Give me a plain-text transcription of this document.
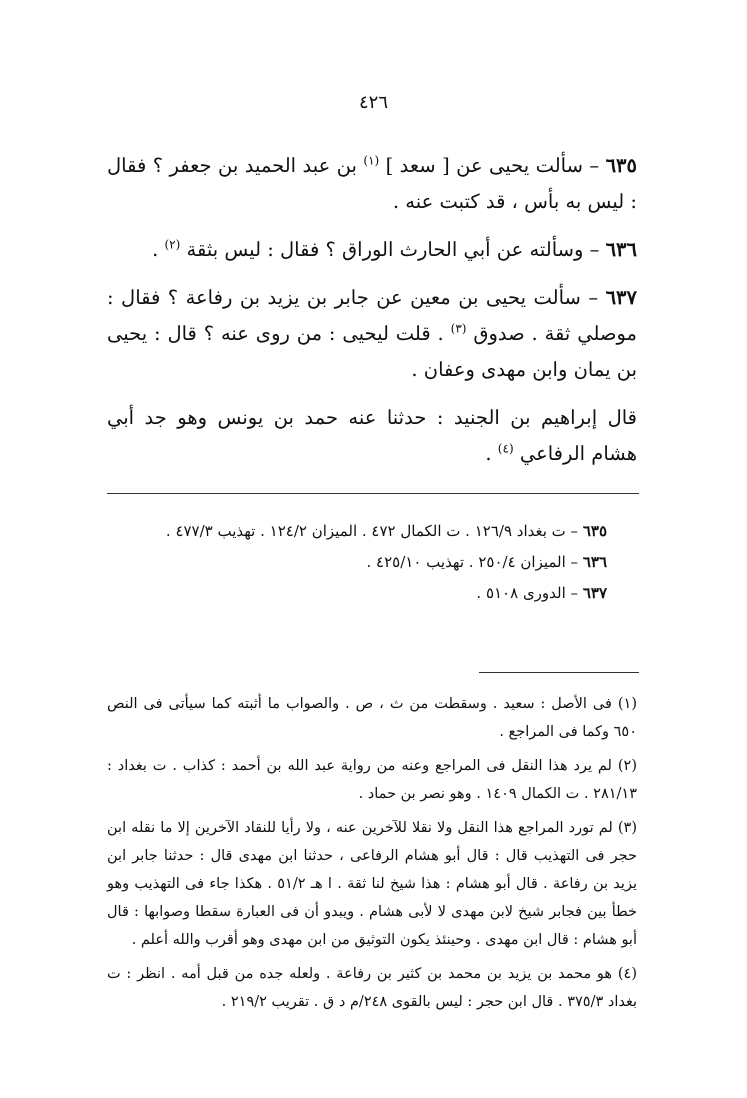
٤٢٦

٦٣٥ – سألت يحيى عن [ سعد ] $^{(١)}$ بن عبد الحميد بن جعفر ؟ فقال : ليس به بأس ، قد كتبت عنه .

٦٣٦ – وسألته عن أبي الحارث الوراق ؟ فقال : ليس بثقة $^{(٢)}$ .

٦٣٧ – سألت يحيى بن معين عن جابر بن يزيد بن رفاعة ؟ فقال : موصلي ثقة . صدوق $^{(٣)}$ . قلت ليحيى : من روى عنه ؟ قال : يحيى بن يمان وابن مهدى وعفان .

قال إبراهيم بن الجنيد : حدثنا عنه حمد بن يونس وهو جد أبي هشام الرفاعي $^{(٤)}$ .

٦٣٥ – ت بغداد ١٢٦/٩ . ت الكمال ٤٧٢ . الميزان ١٢٤/٢ . تهذيب ٤٧٧/٣ .

٦٣٦ – الميزان ٢٥٠/٤ . تهذيب ٤٢٥/١٠ .

٦٣٧ – الدورى ٥١٠٨ .

(١) فى الأصل : سعيد . وسقطت من ث ، ص . والصواب ما أثبته كما سيأتى فى النص ٦٥٠ وكما فى المراجع .

(٢) لم يرد هذا النقل فى المراجع وعنه من رواية عبد الله بن أحمد : كذاب . ت بغداد : ٢٨١/١٣ . ت الكمال ١٤٠٩ . وهو نصر بن حماد .

(٣) لم تورد المراجع هذا النقل ولا نقلا للآخرين عنه ، ولا رأيا للنقاد الآخرين إلا ما نقله ابن حجر فى التهذيب قال : قال أبو هشام الرفاعى ، حدثنا ابن مهدى قال : حدثنا جابر ابن يزيد بن رفاعة . قال أبو هشام : هذا شيخ لنا ثقة . ا هـ ٥١/٢ . هكذا جاء فى التهذيب وهو خطأ بين فجابر شيخ لابن مهدى لا لأبى هشام . ويبدو أن فى العبارة سقطا وصوابها : قال أبو هشام : قال ابن مهدى . وحينئذ يكون التوثيق من ابن مهدى وهو أقرب والله أعلم .

(٤) هو محمد بن يزيد بن محمد بن كثير بن رفاعة . ولعله جده من قبل أمه . انظر : ت بغداد ٣٧٥/٣ . قال ابن حجر : ليس بالقوى ٢٤٨/م د ق . تقريب ٢١٩/٢ .
